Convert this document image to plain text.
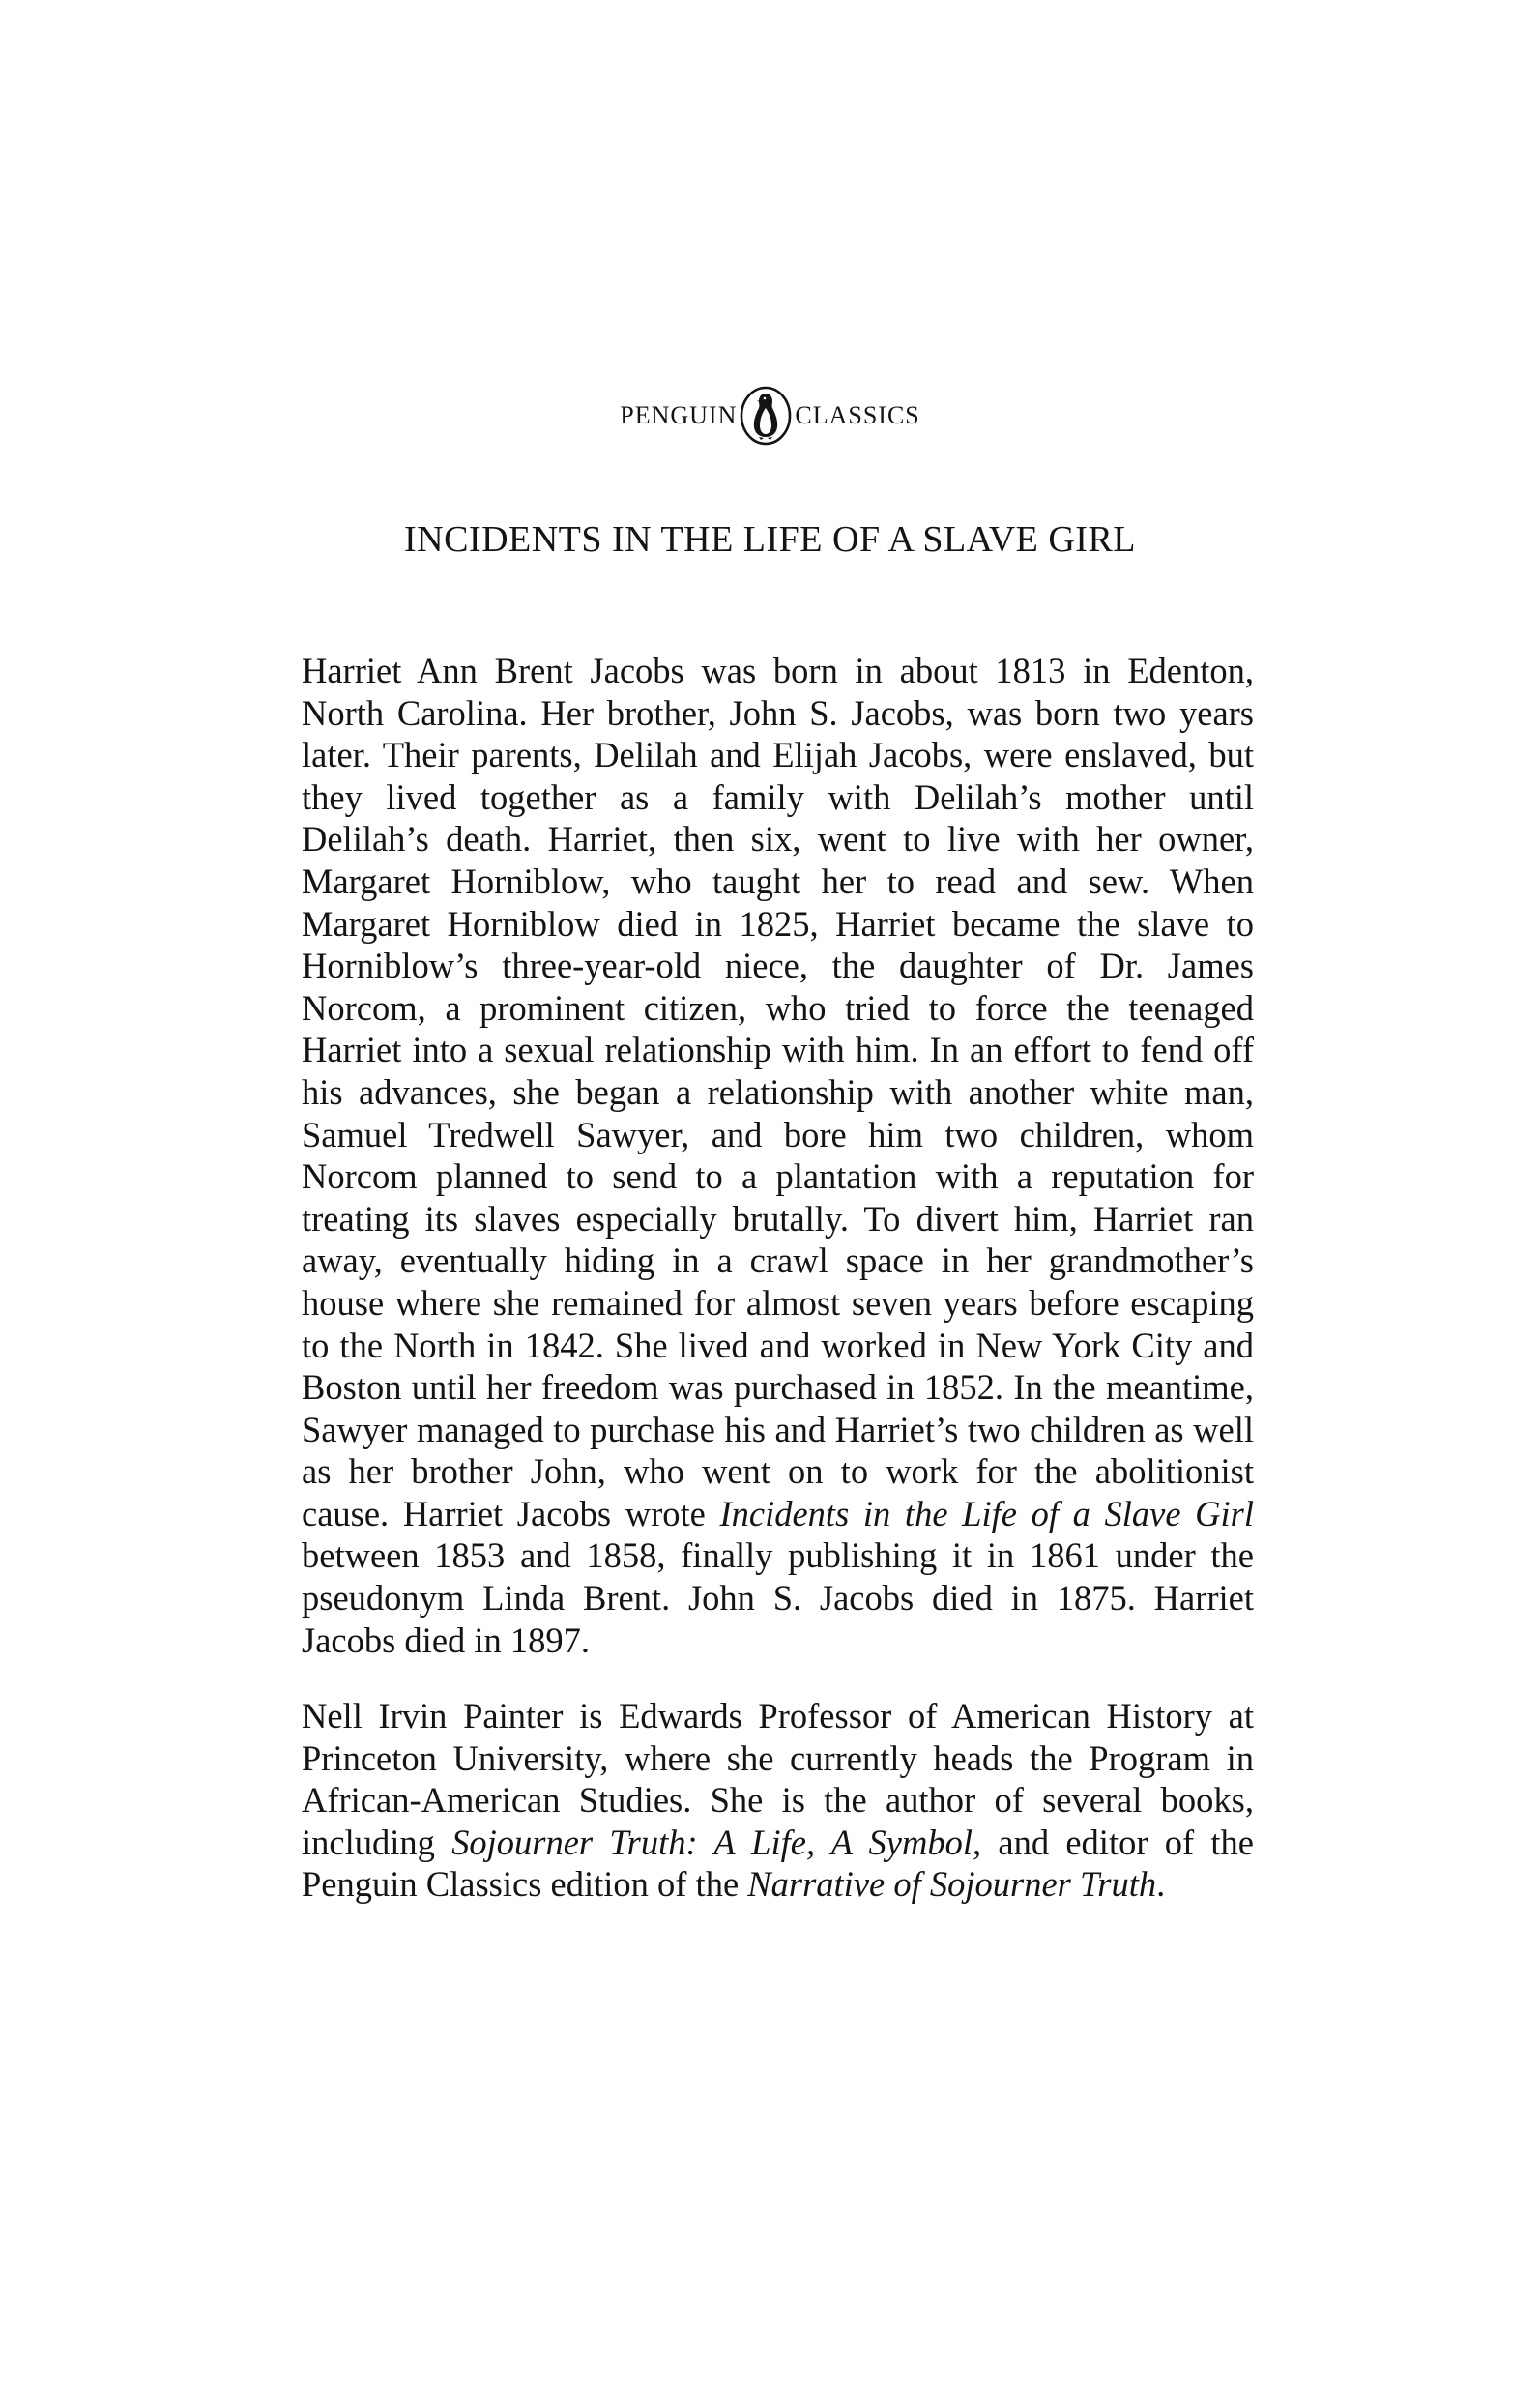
PENGUIN CLASSICS
INCIDENTS IN THE LIFE OF A SLAVE GIRL

Harriet Ann Brent Jacobs was born in about 1813 in Edenton, North Carolina. Her brother, John S. Jacobs, was born two years later. Their parents, Delilah and Elijah Jacobs, were enslaved, but they lived together as a family with Delilah’s mother until Delilah’s death. Harriet, then six, went to live with her owner, Margaret Horniblow, who taught her to read and sew. When Margaret Horniblow died in 1825, Harriet became the slave to Horniblow’s three-year-old niece, the daughter of Dr. James Norcom, a prominent citizen, who tried to force the teenaged Harriet into a sexual relationship with him. In an effort to fend off his advances, she began a relationship with another white man, Samuel Tredwell Sawyer, and bore him two children, whom Norcom planned to send to a plantation with a reputation for treating its slaves especially brutally. To divert him, Harriet ran away, eventually hiding in a crawl space in her grandmother’s house where she remained for almost seven years before escaping to the North in 1842. She lived and worked in New York City and Boston until her freedom was purchased in 1852. In the meantime, Sawyer managed to purchase his and Harriet’s two children as well as her brother John, who went on to work for the abolitionist cause. Harriet Jacobs wrote Incidents in the Life of a Slave Girl between 1853 and 1858, finally publishing it in 1861 under the pseudonym Linda Brent. John S. Jacobs died in 1875. Harriet Jacobs died in 1897.

Nell Irvin Painter is Edwards Professor of American History at Princeton University, where she currently heads the Program in African-American Studies. She is the author of several books, including Sojourner Truth: A Life, A Symbol, and editor of the Penguin Classics edition of the Narrative of Sojourner Truth.
